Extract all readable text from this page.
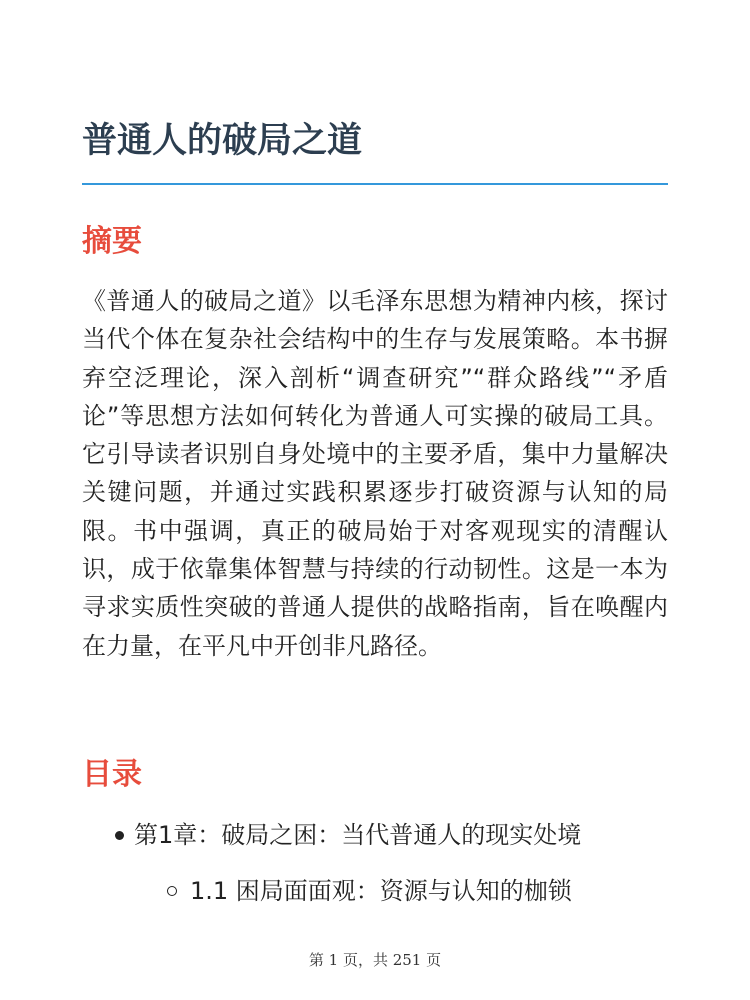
普通人的破局之道
摘要

《普通人的破局之道》以毛泽东思想为精神内核，探讨当代个体在复杂社会结构中的生存与发展策略。本书摒弃空泛理论，深入剖析“调查研究”“群众路线”“矛盾论”等思想方法如何转化为普通人可实操的破局工具。它引导读者识别自身处境中的主要矛盾，集中力量解决关键问题，并通过实践积累逐步打破资源与认知的局限。书中强调，真正的破局始于对客观现实的清醒认识，成于依靠集体智慧与持续的行动韧性。这是一本为寻求实质性突破的普通人提供的战略指南，旨在唤醒内在力量，在平凡中开创非凡路径。

目录
第1章：破局之困：当代普通人的现实处境
1.1 困局面面观：资源与认知的枷锁
第 1 页，共 251 页
